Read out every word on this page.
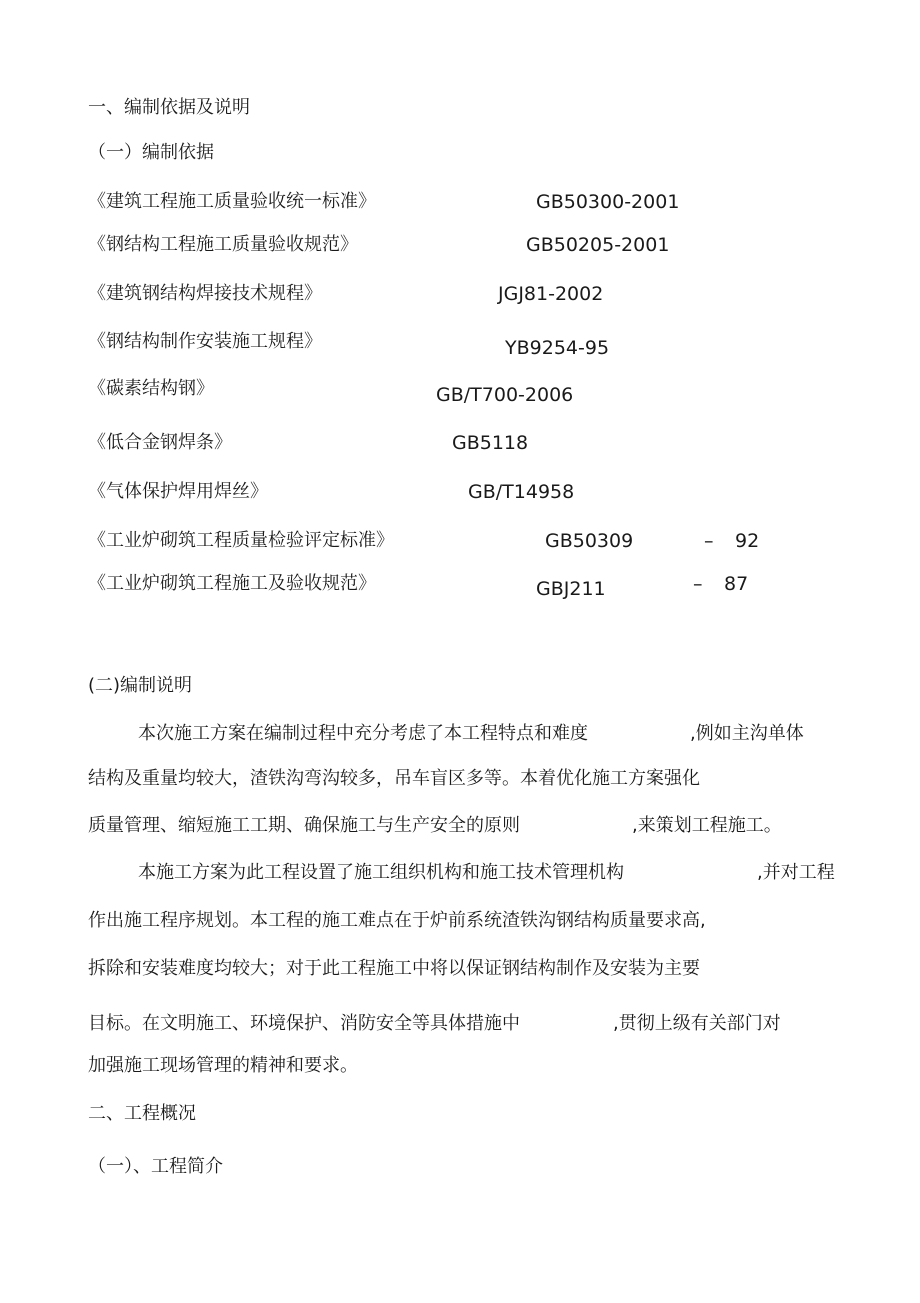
一、编制依据及说明
（一）编制依据
《建筑工程施工质量验收统一标准》	GB50300-2001
《钢结构工程施工质量验收规范》	GB50205-2001
《建筑钢结构焊接技术规程》	JGJ81-2002
《钢结构制作安装施工规程》	YB9254-95
《碳素结构钢》	GB/T700-2006
《低合金钢焊条》	GB5118
《气体保护焊用焊丝》	GB/T14958
《工业炉砌筑工程质量检验评定标准》	GB50309	– 92
《工业炉砌筑工程施工及验收规范》	GBJ211	– 87
(二)编制说明
本次施工方案在编制过程中充分考虑了本工程特点和难度	,例如主沟单体
结构及重量均较大，渣铁沟弯沟较多，吊车盲区多等。本着优化施工方案强化
质量管理、缩短施工工期、确保施工与生产安全的原则	,来策划工程施工。
本施工方案为此工程设置了施工组织机构和施工技术管理机构	,并对工程
作出施工程序规划。本工程的施工难点在于炉前系统渣铁沟钢结构质量要求高,
拆除和安装难度均较大；对于此工程施工中将以保证钢结构制作及安装为主要
目标。在文明施工、环境保护、消防安全等具体措施中	,贯彻上级有关部门对
加强施工现场管理的精神和要求。
二、工程概况
（一）、工程简介
